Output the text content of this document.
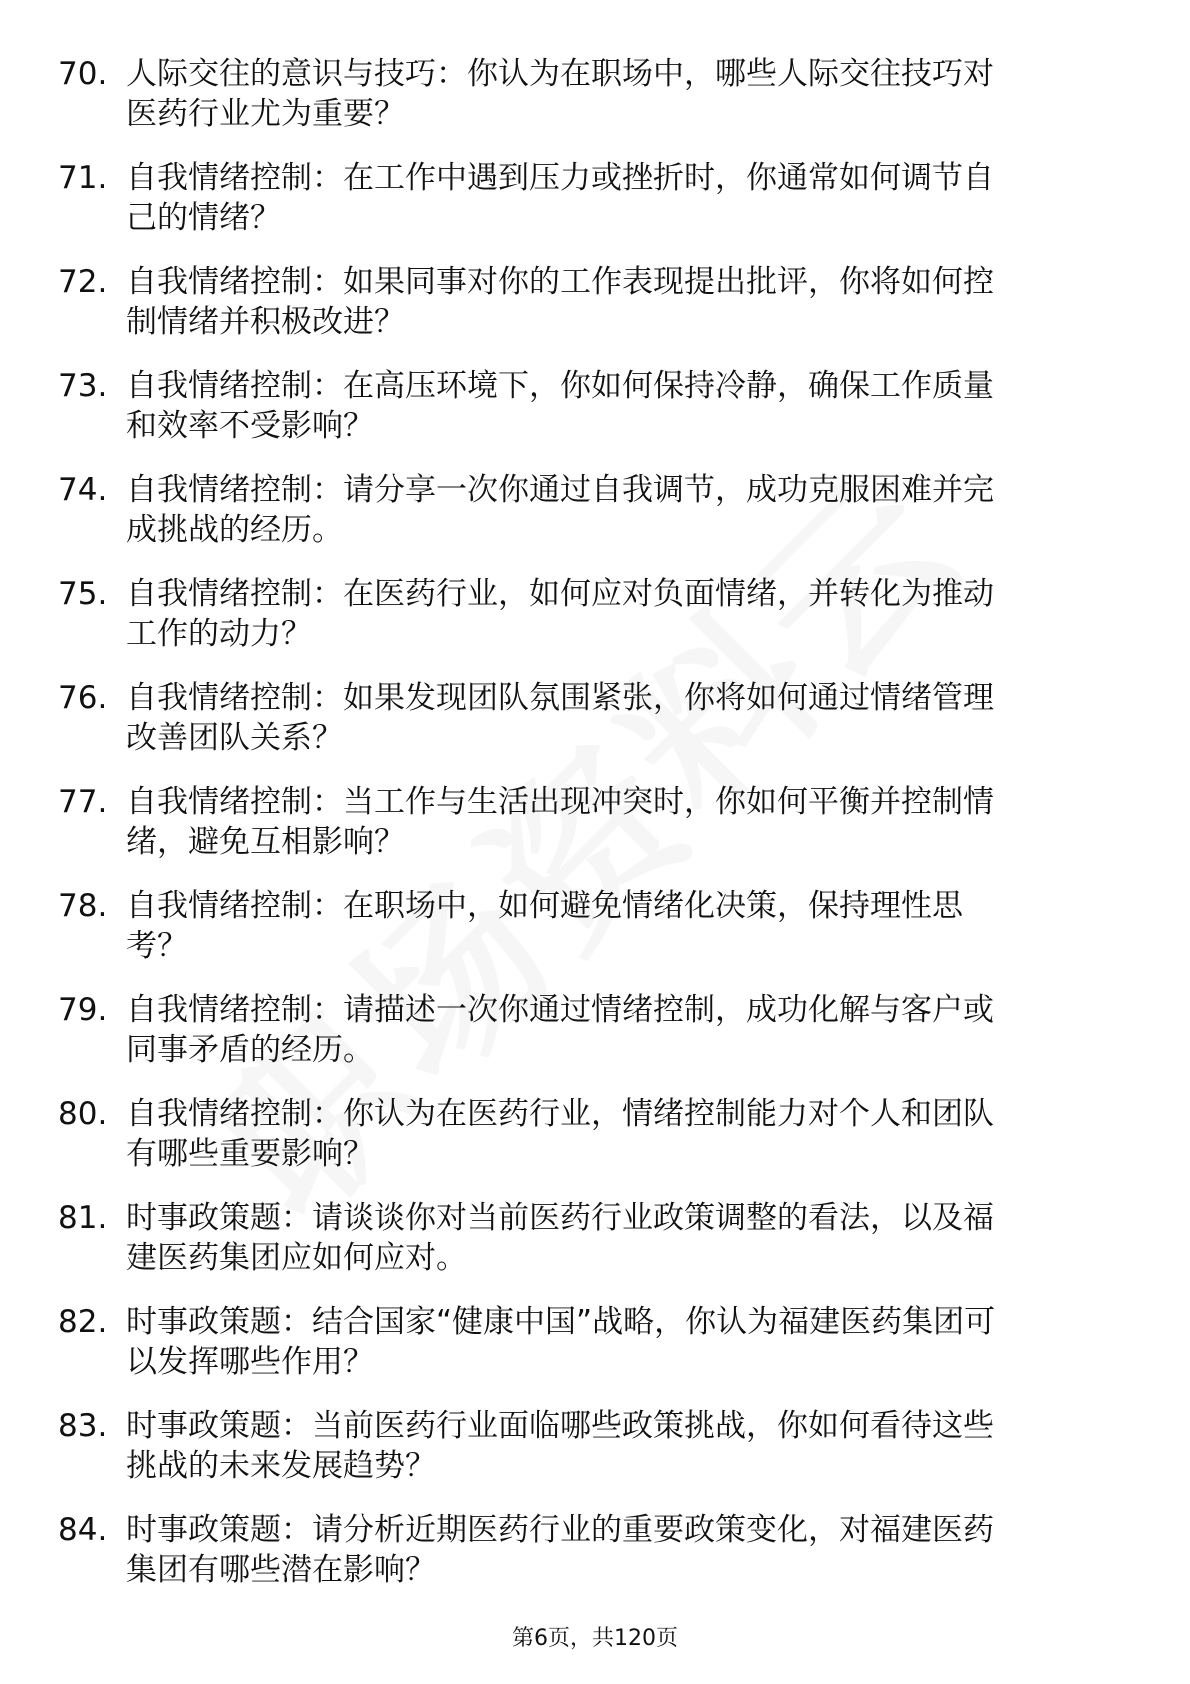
70. 人际交往的意识与技巧：你认为在职场中，哪些人际交往技巧对
医药行业尤为重要？
71. 自我情绪控制：在工作中遇到压力或挫折时，你通常如何调节自
己的情绪？
72. 自我情绪控制：如果同事对你的工作表现提出批评，你将如何控
制情绪并积极改进？
73. 自我情绪控制：在高压环境下，你如何保持冷静，确保工作质量
和效率不受影响？
74. 自我情绪控制：请分享一次你通过自我调节，成功克服困难并完
成挑战的经历。
75. 自我情绪控制：在医药行业，如何应对负面情绪，并转化为推动
工作的动力？
76. 自我情绪控制：如果发现团队氛围紧张，你将如何通过情绪管理
改善团队关系？
77. 自我情绪控制：当工作与生活出现冲突时，你如何平衡并控制情
绪，避免互相影响？
78. 自我情绪控制：在职场中，如何避免情绪化决策，保持理性思
考？
79. 自我情绪控制：请描述一次你通过情绪控制，成功化解与客户或
同事矛盾的经历。
80. 自我情绪控制：你认为在医药行业，情绪控制能力对个人和团队
有哪些重要影响？
81. 时事政策题：请谈谈你对当前医药行业政策调整的看法，以及福
建医药集团应如何应对。
82. 时事政策题：结合国家“健康中国”战略，你认为福建医药集团可
以发挥哪些作用？
83. 时事政策题：当前医药行业面临哪些政策挑战，你如何看待这些
挑战的未来发展趋势？
84. 时事政策题：请分析近期医药行业的重要政策变化，对福建医药
集团有哪些潜在影响？
第6页，共120页
